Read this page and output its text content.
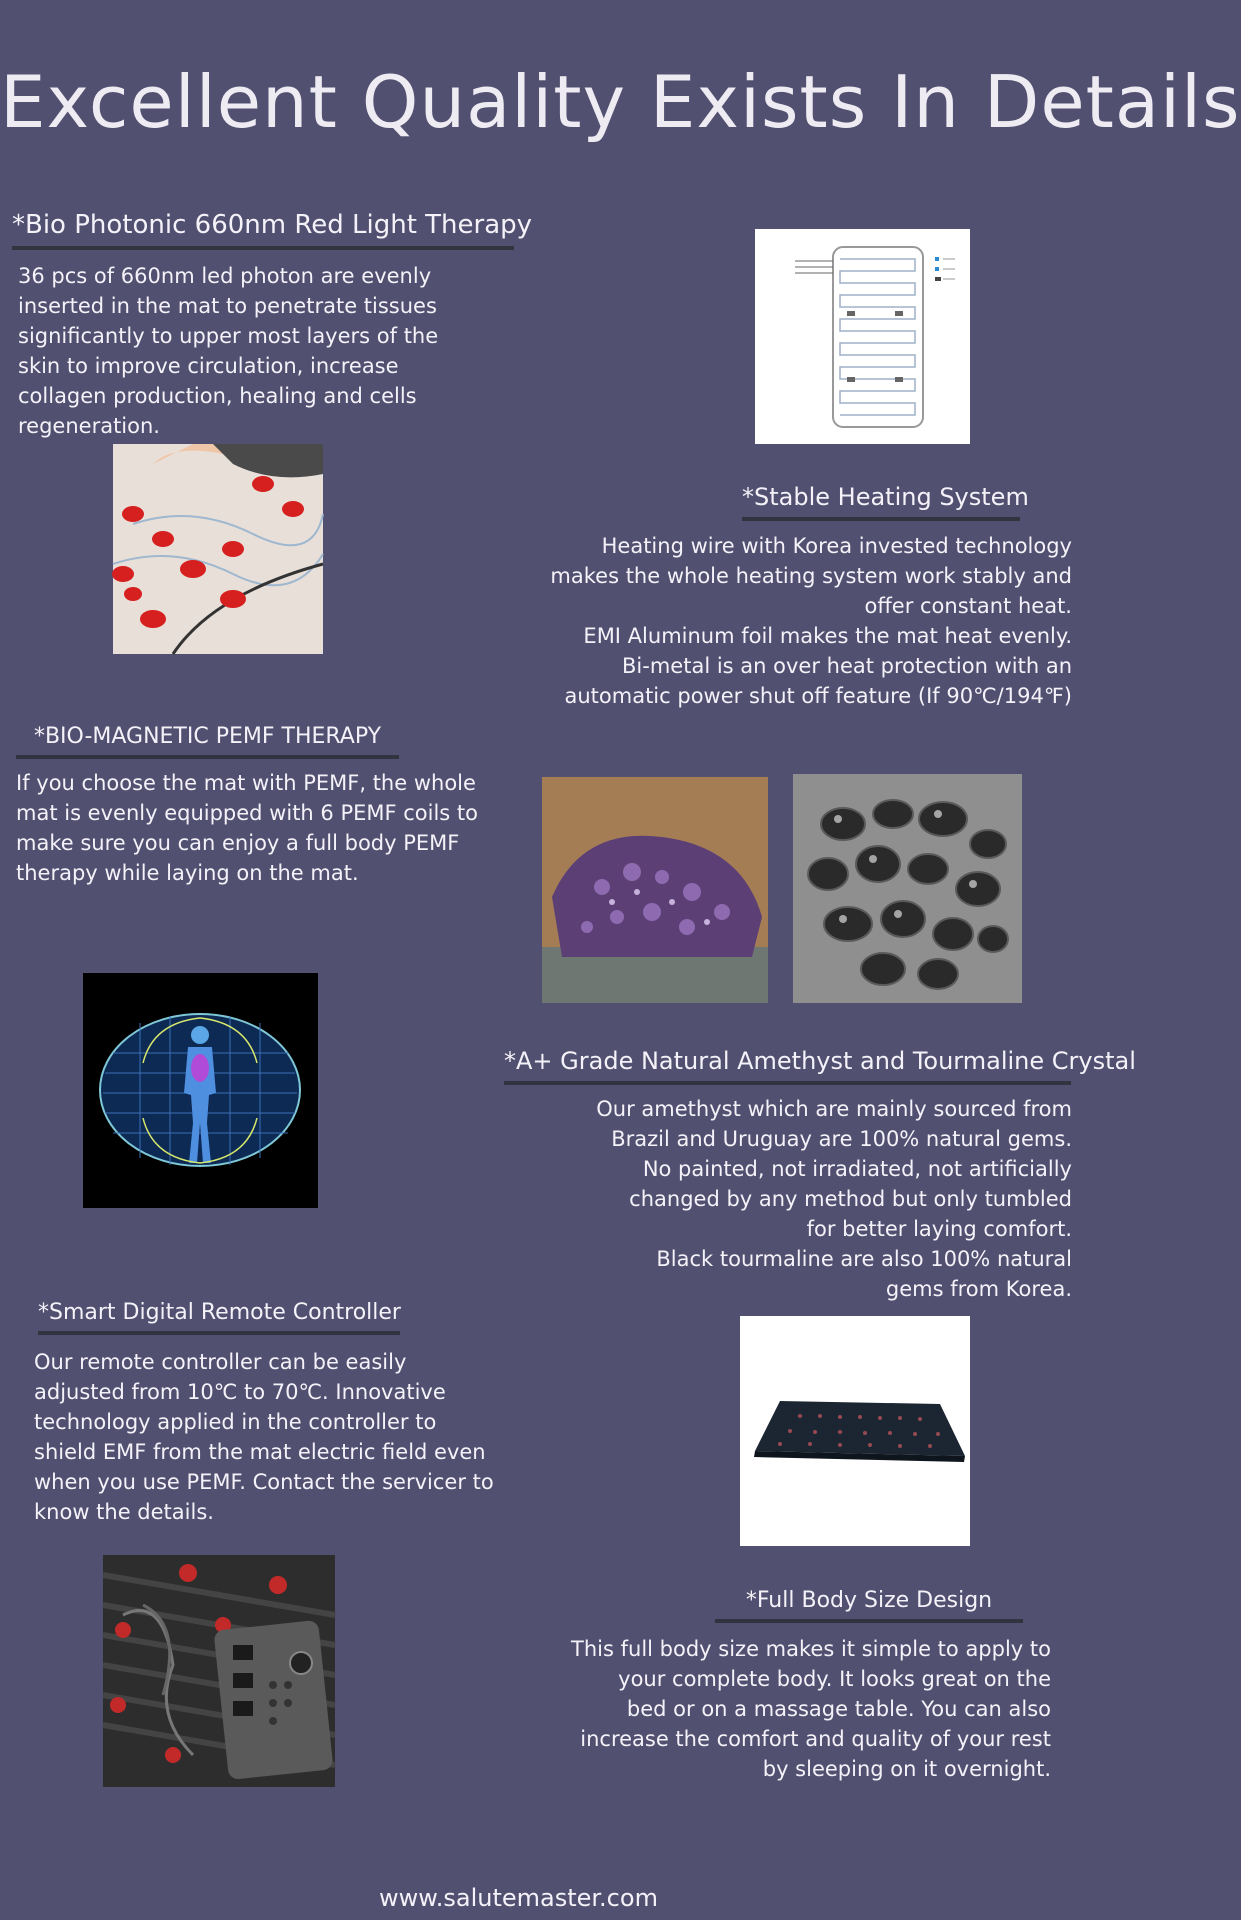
Excellent Quality Exists In Details
*Bio Photonic 660nm Red Light Therapy
36 pcs of 660nm led photon are evenly
inserted in the mat to penetrate tissues
significantly to upper most layers of the
skin to improve circulation, increase
collagen production, healing and cells
regeneration.
*Stable Heating System
Heating wire with Korea invested technology
makes the whole heating system work stably and
offer constant heat.
EMI Aluminum foil makes the mat heat evenly.
Bi-metal is an over heat protection with an
automatic power shut off feature (If 90℃/194℉)
*BIO-MAGNETIC PEMF THERAPY
If you choose the mat with PEMF, the whole
mat is evenly equipped with 6 PEMF coils to
make sure you can enjoy a full body PEMF
therapy while laying on the mat.
*A+ Grade Natural Amethyst and Tourmaline Crystal
Our amethyst which are mainly sourced from
Brazil and Uruguay are 100% natural gems.
No painted, not irradiated, not artificially
changed by any method but only tumbled
for better laying comfort.
Black tourmaline are also 100% natural
gems from Korea.
*Smart Digital Remote Controller
Our remote controller can be easily
adjusted from 10℃ to 70℃. Innovative
technology applied in the controller to
shield EMF from the mat electric field even
when you use PEMF. Contact the servicer to
know the details.
*Full Body Size Design
This full body size makes it simple to apply to
your complete body. It looks great on the
bed or on a massage table. You can also
increase the comfort and quality of your rest
by sleeping on it overnight.
www.salutemaster.com
